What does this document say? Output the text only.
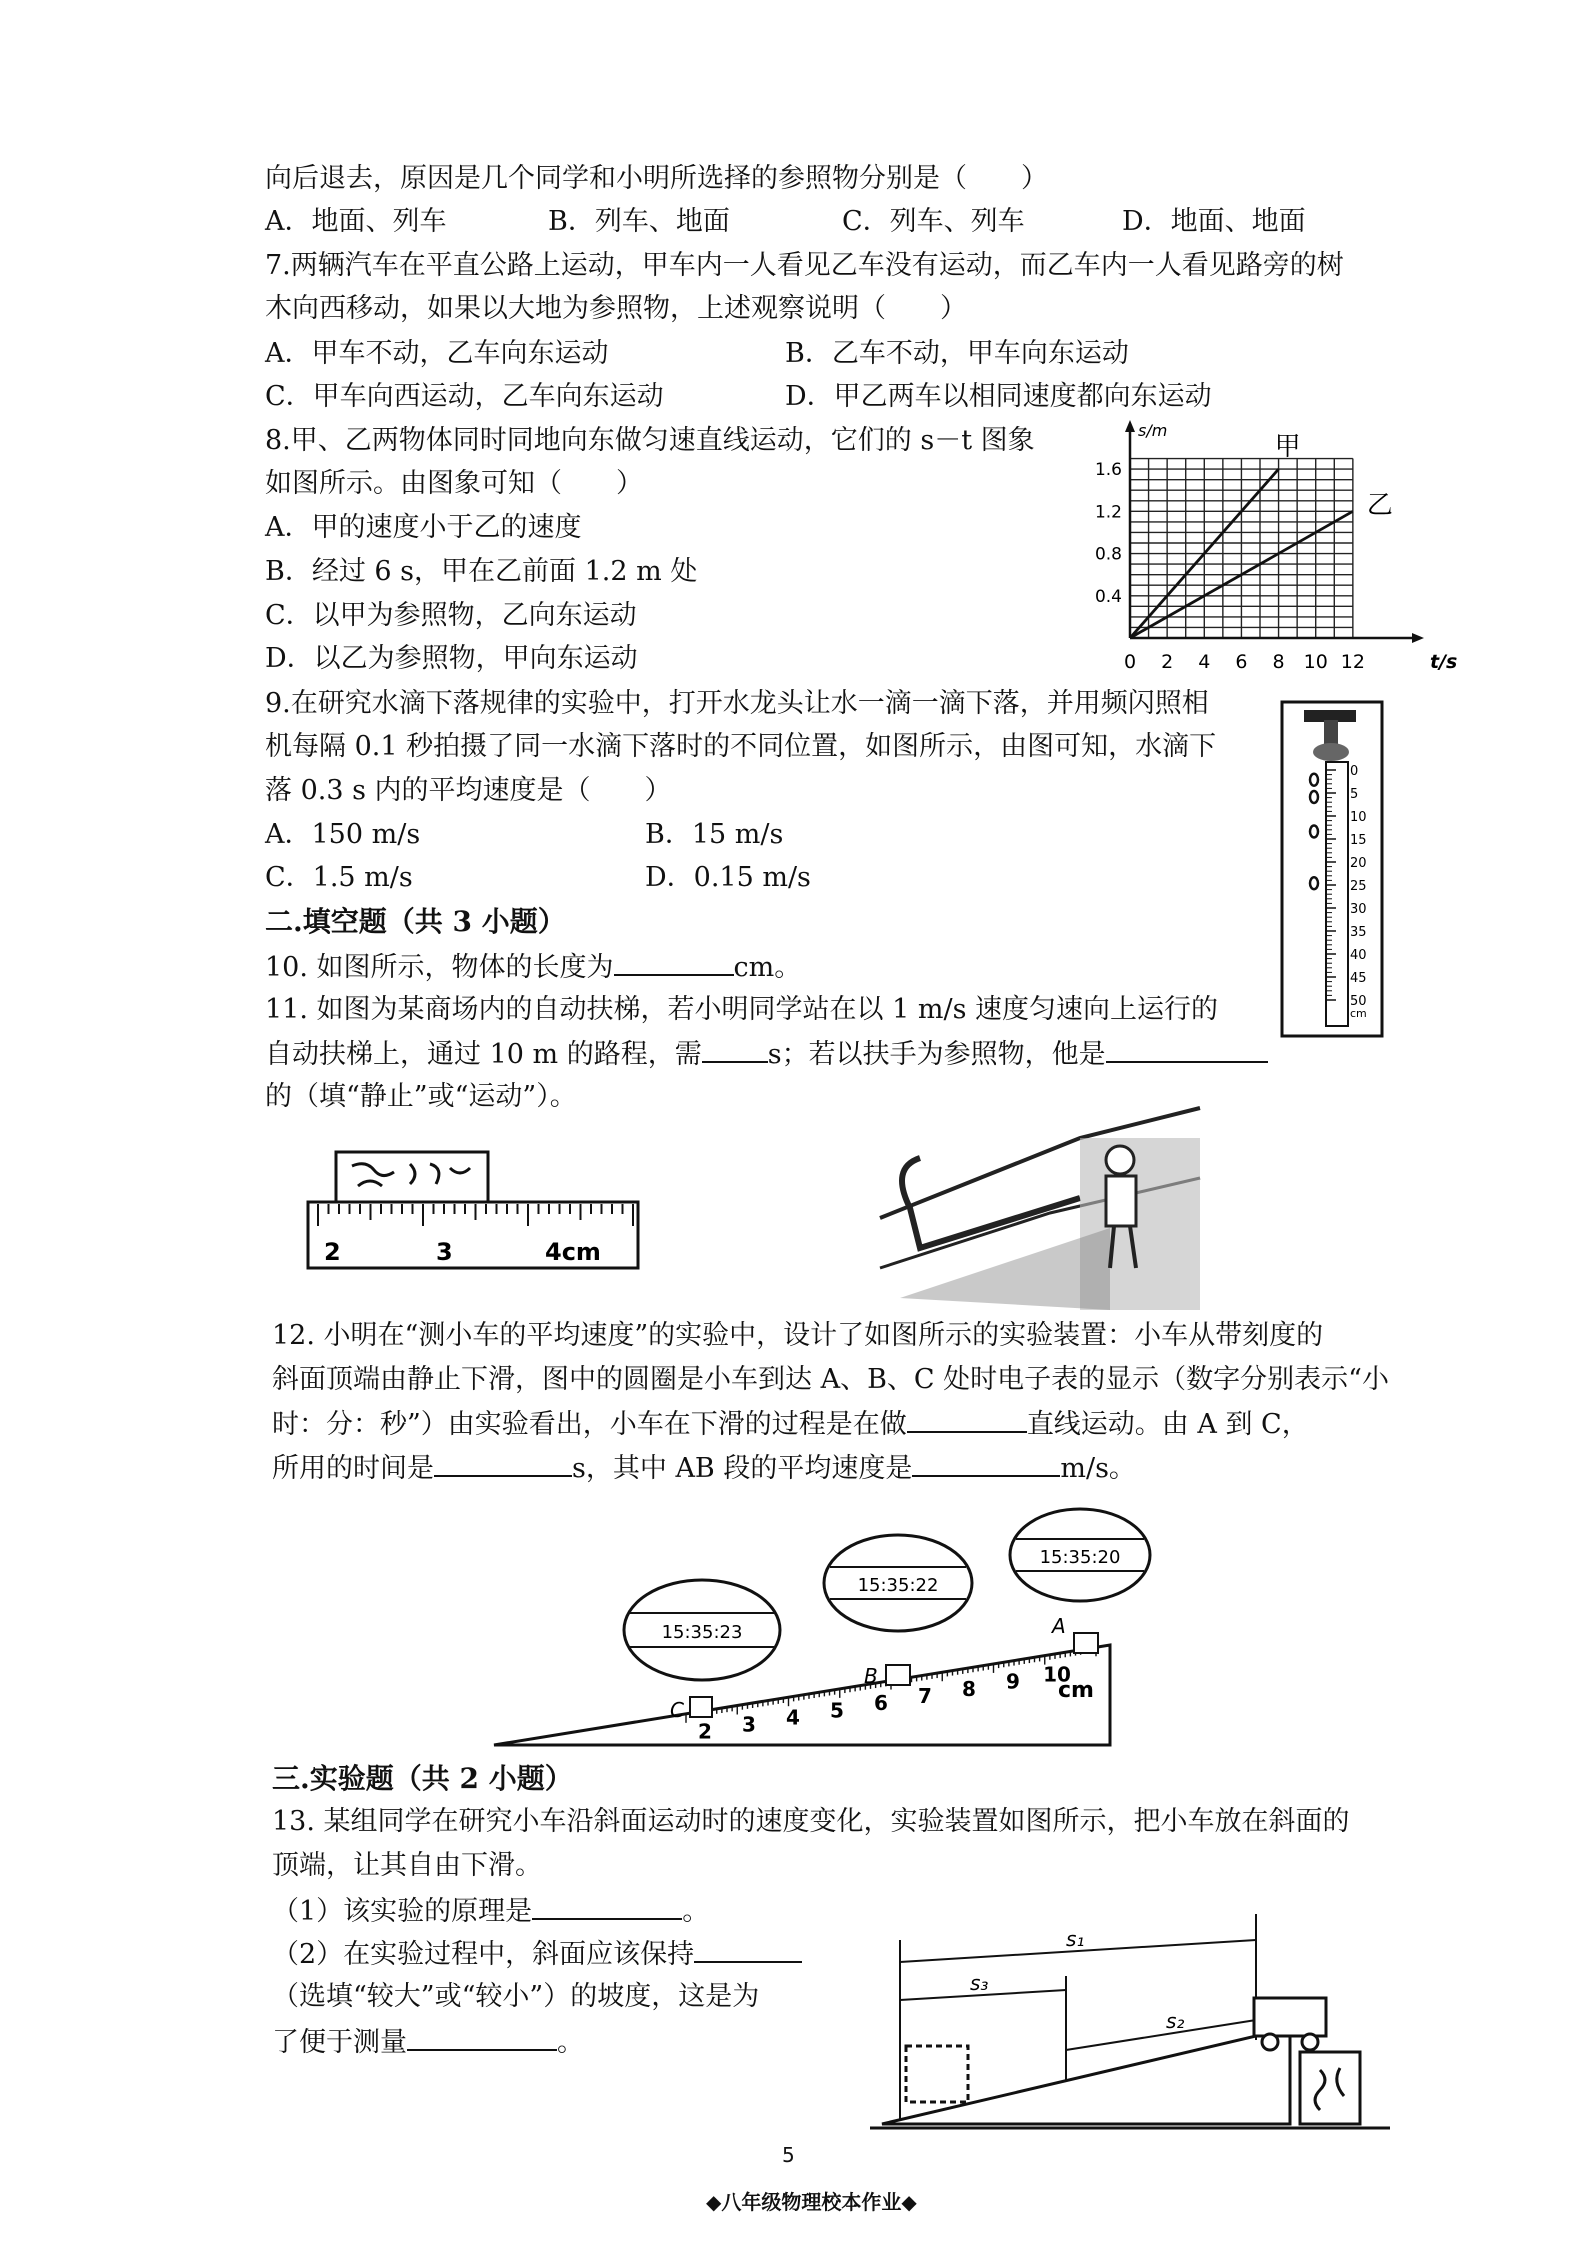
向后退去，原因是几个同学和小明所选择的参照物分别是（　　）
A．地面、列车	B．列车、地面	C．列车、列车	D．地面、地面
7.两辆汽车在平直公路上运动，甲车内一人看见乙车没有运动，而乙车内一人看见路旁的树
木向西移动，如果以大地为参照物，上述观察说明（　　）
A．甲车不动，乙车向东运动	B．乙车不动，甲车向东运动
C．甲车向西运动，乙车向东运动	D．甲乙两车以相同速度都向东运动
8.甲、乙两物体同时同地向东做匀速直线运动，它们的 s－t 图象
如图所示。由图象可知（　　）
A．甲的速度小于乙的速度
B．经过 6 s，甲在乙前面 1.2 m 处
C．以甲为参照物，乙向东运动
D．以乙为参照物，甲向东运动
甲
乙
0 2 4 6 8 10 12
0.4
0.8
1.2
1.6
s/m
t/s
9.在研究水滴下落规律的实验中，打开水龙头让水一滴一滴下落，并用频闪照相
机每隔 0.1 秒拍摄了同一水滴下落时的不同位置，如图所示，由图可知，水滴下
落 0.3 s 内的平均速度是（　　）
A．150 m/s	B．15 m/s
C．1.5 m/s	D．0.15 m/s
0
5
10
15
20
25
30
35
40
45
50
cm
二.填空题（共 3 小题）
10. 如图所示，物体的长度为	cm。
11. 如图为某商场内的自动扶梯，若小明同学站在以 1 m/s 速度匀速向上运行的
自动扶梯上，通过 10 m 的路程，需 s；若以扶手为参照物，他是
的（填“静止”或“运动”）。
2	3	4cm
12. 小明在“测小车的平均速度”的实验中，设计了如图所示的实验装置：小车从带刻度的
斜面顶端由静止下滑，图中的圆圈是小车到达 A、B、C 处时电子表的显示（数字分别表示“小
时：分：秒”）由实验看出，小车在下滑的过程是在做	直线运动。由 A 到 C，
所用的时间是	s，其中 AB 段的平均速度是	m/s。
2 3 4 5 6 7 8 9 10
cm
15:35:23
15:35:22
15:35:20
C
B
A
三.实验题（共 2 小题）
13. 某组同学在研究小车沿斜面运动时的速度变化，实验装置如图所示，把小车放在斜面的
顶端，让其自由下滑。
（1）该实验的原理是	。
（2）在实验过程中，斜面应该保持
（选填“较大”或“较小”）的坡度，这是为
了便于测量	。
s₁
s₃
s₂
5
◆八年级物理校本作业◆
